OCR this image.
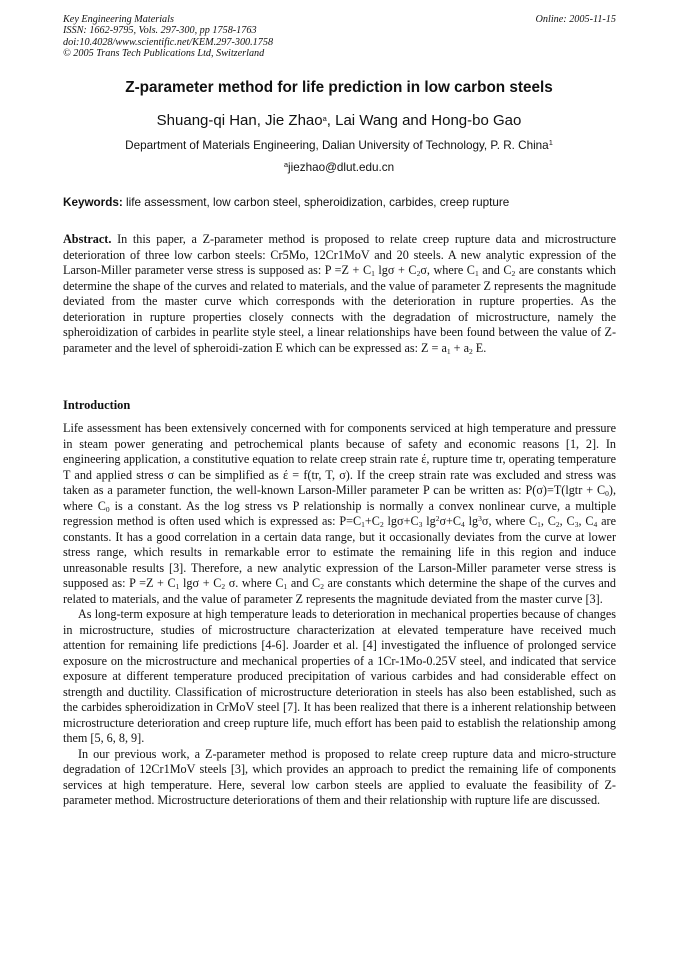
Key Engineering Materials
ISSN: 1662-9795, Vols. 297-300, pp 1758-1763
doi:10.4028/www.scientific.net/KEM.297-300.1758
© 2005 Trans Tech Publications Ltd, Switzerland
Online: 2005-11-15
Z-parameter method for life prediction in low carbon steels
Shuang-qi Han, Jie Zhao$^a$, Lai Wang and Hong-bo Gao
Department of Materials Engineering, Dalian University of Technology, P. R. China$^1$
$^a$jiezhao@dlut.edu.cn
Keywords: life assessment, low carbon steel, spheroidization, carbides, creep rupture

Abstract. In this paper, a Z-parameter method is proposed to relate creep rupture data and microstructure deterioration of three low carbon steels: Cr5Mo, 12Cr1MoV and 20 steels. A new analytic expression of the Larson-Miller parameter verse stress is supposed as: $P =Z + C_1$ $\lg\sigma + C_2\sigma$, where $C_1$ and $C_2$ are constants which determine the shape of the curves and related to materials, and the value of parameter Z represents the magnitude deviated from the master curve which corresponds with the deterioration in rupture properties. As the deterioration in rupture properties closely connects with the degradation of microstructure, namely the spheroidization of carbides in pearlite style steel, a linear relationships have been found between the value of Z-parameter and the level of spheroidi-zation E which can be expressed as: $Z = a_1 + a_2$ E.

Introduction

Life assessment has been extensively concerned with for components serviced at high temperature and pressure in steam power generating and petrochemical plants because of safety and economic reasons [1, 2]. In engineering application, a constitutive equation to relate creep strain rate έ, rupture time tr, operating temperature T and applied stress σ can be simplified as έ = f(tr, T, σ). If the creep strain rate was excluded and stress was taken as a parameter function, the well-known Larson-Miller parameter P can be written as: P(σ)=T(lgtr + $C_0$), where $C_0$ is a constant. As the log stress vs P relationship is normally a convex nonlinear curve, a multiple regression method is often used which is expressed as: $P=C_1+C_2$ $\lg\sigma+C_3$ $\lg^2\sigma+C_4$ $\lg^3\sigma$, where $C_1$, $C_2$, $C_3$, $C_4$ are constants. It has a good correlation in a certain data range, but it occasionally deviates from the curve at lower stress range, which results in remarkable error to estimate the remaining life in this region and induce unreasonable results [3]. Therefore, a new analytic expression of the Larson-Miller parameter verse stress is supposed as: $P =Z + C_1$ $\lg\sigma + C_2$ σ. where $C_1$ and $C_2$ are constants which determine the shape of the curves and related to materials, and the value of parameter Z represents the magnitude deviated from the master curve [3].

As long-term exposure at high temperature leads to deterioration in mechanical properties because of changes in microstructure, studies of microstructure characterization at elevated temperature have received much attention for remaining life predictions [4-6]. Joarder et al. [4] investigated the influence of prolonged service exposure on the microstructure and mechanical properties of a 1Cr-1Mo-0.25V steel, and indicated that service exposure at different temperature produced precipitation of various carbides and had considerable effect on strength and ductility. Classification of microstructure deterioration in steels has also been established, such as the carbides spheroidization in CrMoV steel [7]. It has been realized that there is a inherent relationship between microstructure deterioration and creep rupture life, much effort has been paid to establish the relationship among them [5, 6, 8, 9].

In our previous work, a Z-parameter method is proposed to relate creep rupture data and micro-structure degradation of 12Cr1MoV steels [3], which provides an approach to predict the remaining life of components services at high temperature. Here, several low carbon steels are applied to evaluate the feasibility of Z-parameter method. Microstructure deteriorations of them and their relationship with rupture life are discussed.
